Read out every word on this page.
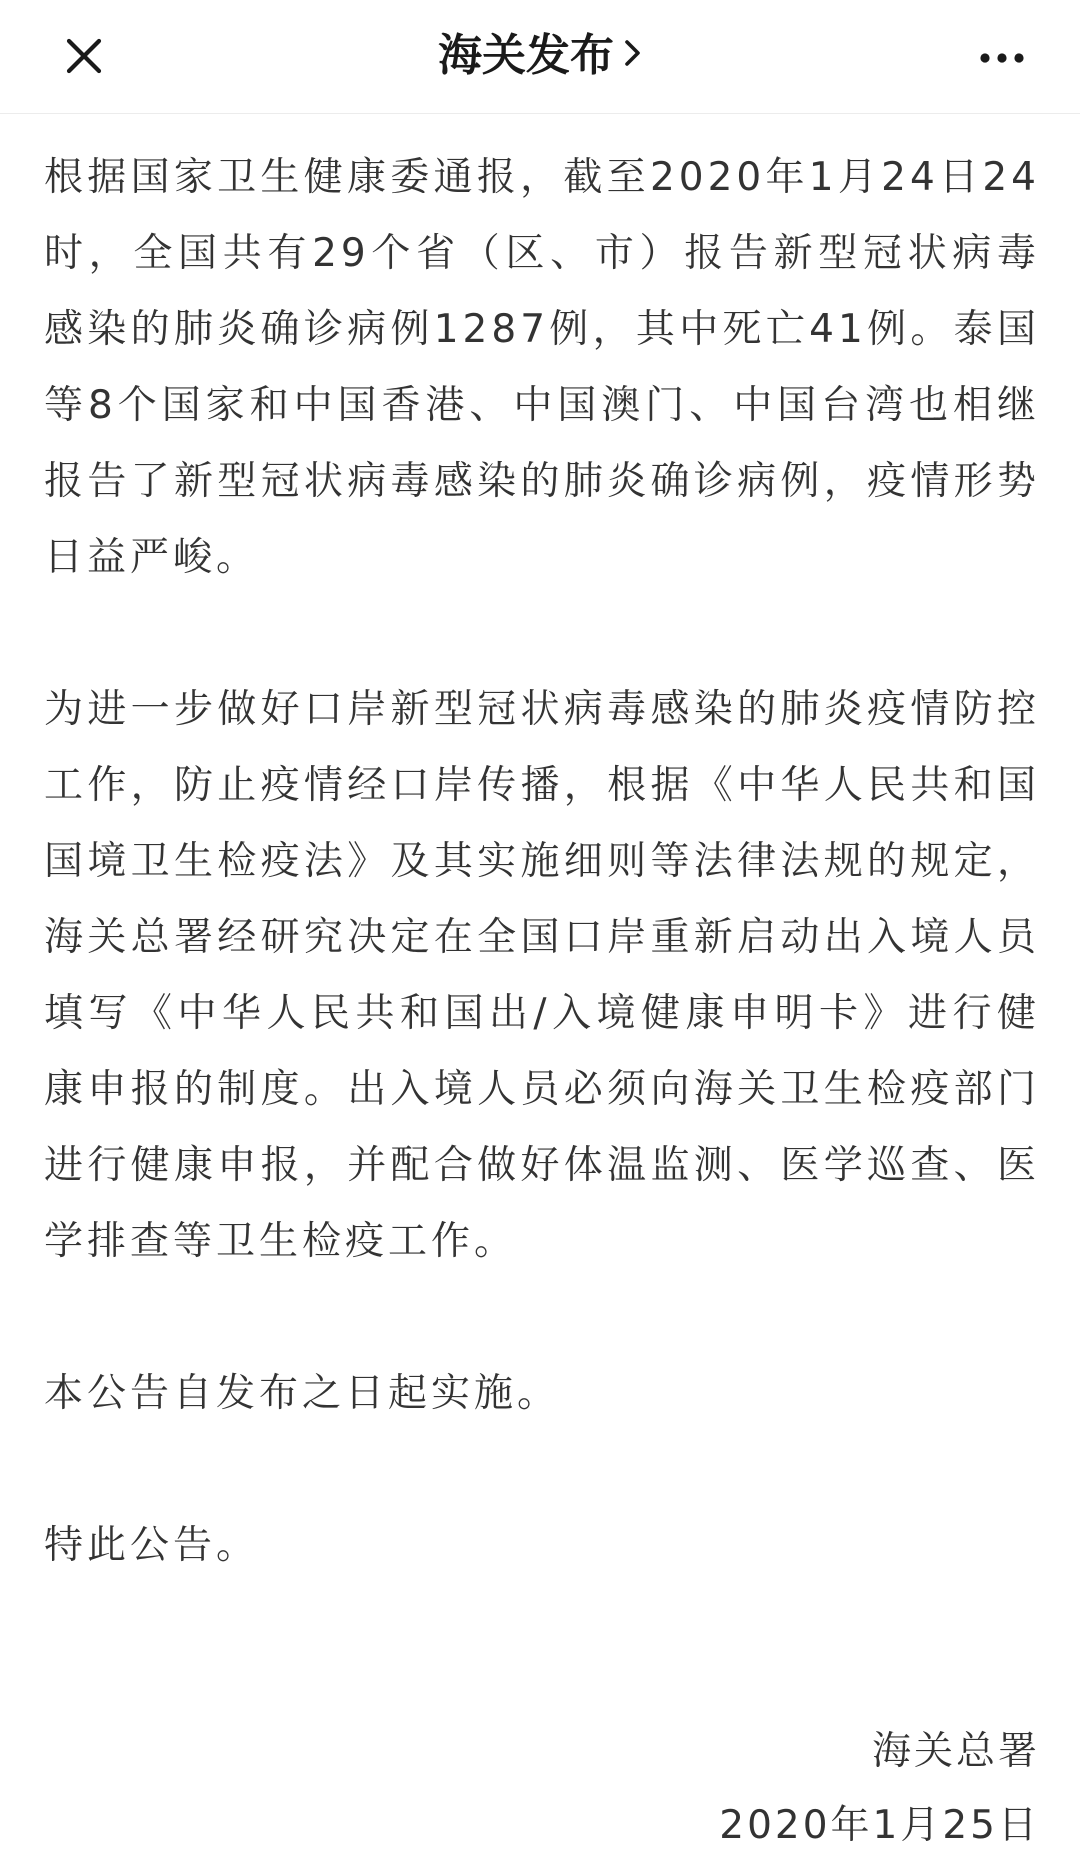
海关发布

根据国家卫生健康委通报，截至2020年1月24日24时，全国共有29个省（区、市）报告新型冠状病毒感染的肺炎确诊病例1287例，其中死亡41例。泰国等8个国家和中国香港、中国澳门、中国台湾也相继报告了新型冠状病毒感染的肺炎确诊病例，疫情形势日益严峻。

为进一步做好口岸新型冠状病毒感染的肺炎疫情防控工作，防止疫情经口岸传播，根据《中华人民共和国国境卫生检疫法》及其实施细则等法律法规的规定，海关总署经研究决定在全国口岸重新启动出入境人员填写《中华人民共和国出/入境健康申明卡》进行健康申报的制度。出入境人员必须向海关卫生检疫部门进行健康申报，并配合做好体温监测、医学巡查、医学排查等卫生检疫工作。

本公告自发布之日起实施。

特此公告。

海关总署
2020年1月25日
